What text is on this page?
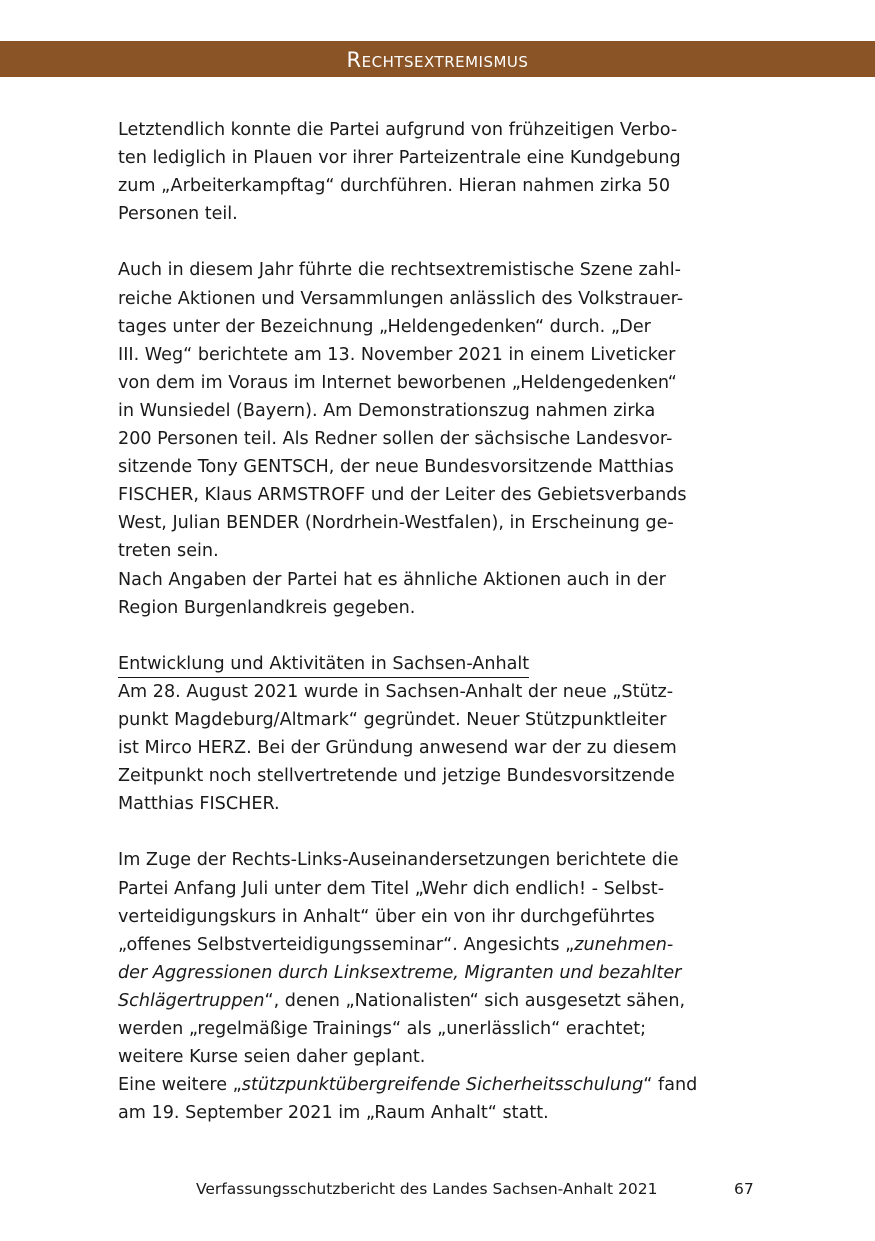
Rechtsextremismus
Letztendlich konnte die Partei aufgrund von frühzeitigen Verbo-
ten lediglich in Plauen vor ihrer Parteizentrale eine Kundgebung
zum „Arbeiterkampftag“ durchführen. Hieran nahmen zirka 50
Personen teil.
Auch in diesem Jahr führte die rechtsextremistische Szene zahl-
reiche Aktionen und Versammlungen anlässlich des Volkstrauer-
tages unter der Bezeichnung „Heldengedenken“ durch. „Der
III. Weg“ berichtete am 13. November 2021 in einem Liveticker
von dem im Voraus im Internet beworbenen „Heldengedenken“
in Wunsiedel (Bayern). Am Demonstrationszug nahmen zirka
200 Personen teil. Als Redner sollen der sächsische Landesvor-
sitzende Tony GENTSCH, der neue Bundesvorsitzende Matthias
FISCHER, Klaus ARMSTROFF und der Leiter des Gebietsverbands
West, Julian BENDER (Nordrhein-Westfalen), in Erscheinung ge-
treten sein.
Nach Angaben der Partei hat es ähnliche Aktionen auch in der
Region Burgenlandkreis gegeben.
Entwicklung und Aktivitäten in Sachsen-Anhalt
Am 28. August 2021 wurde in Sachsen-Anhalt der neue „Stütz-
punkt Magdeburg/Altmark“ gegründet. Neuer Stützpunktleiter
ist Mirco HERZ. Bei der Gründung anwesend war der zu diesem
Zeitpunkt noch stellvertretende und jetzige Bundesvorsitzende
Matthias FISCHER.
Im Zuge der Rechts-Links-Auseinandersetzungen berichtete die
Partei Anfang Juli unter dem Titel „Wehr dich endlich! - Selbst-
verteidigungskurs in Anhalt“ über ein von ihr durchgeführtes
„offenes Selbstverteidigungsseminar“. Angesichts „zunehmen-
der Aggressionen durch Linksextreme, Migranten und bezahlter
Schlägertruppen“, denen „Nationalisten“ sich ausgesetzt sähen,
werden „regelmäßige Trainings“ als „unerlässlich“ erachtet;
weitere Kurse seien daher geplant.
Eine weitere „stützpunktübergreifende Sicherheitsschulung“ fand
am 19. September 2021 im „Raum Anhalt“ statt.
Verfassungsschutzbericht des Landes Sachsen-Anhalt 2021	67
